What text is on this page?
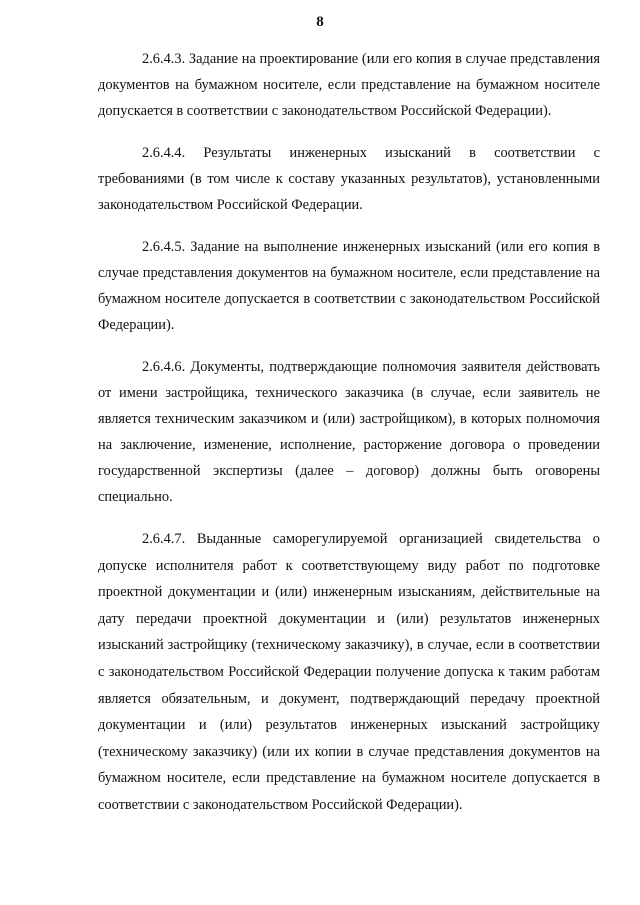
8

2.6.4.3. Задание на проектирование (или его копия в случае представления документов на бумажном носителе, если представление на бумажном носителе допускается в соответствии с законодательством Российской Федерации).

2.6.4.4. Результаты инженерных изысканий в соответствии с требованиями (в том числе к составу указанных результатов), установленными законодательством Российской Федерации.

2.6.4.5. Задание на выполнение инженерных изысканий (или его копия в случае представления документов на бумажном носителе, если представление на бумажном носителе допускается в соответствии с законодательством Российской Федерации).

2.6.4.6. Документы, подтверждающие полномочия заявителя действовать от имени застройщика, технического заказчика (в случае, если заявитель не является техническим заказчиком и (или) застройщиком), в которых полномочия на заключение, изменение, исполнение, расторжение договора о проведении государственной экспертизы (далее – договор) должны быть оговорены специально.

2.6.4.7. Выданные саморегулируемой организацией свидетельства о допуске исполнителя работ к соответствующему виду работ по подготовке проектной документации и (или) инженерным изысканиям, действительные на дату передачи проектной документации и (или) результатов инженерных изысканий застройщику (техническому заказчику), в случае, если в соответствии с законодательством Российской Федерации получение допуска к таким работам является обязательным, и документ, подтверждающий передачу проектной документации и (или) результатов инженерных изысканий застройщику (техническому заказчику) (или их копии в случае представления документов на бумажном носителе, если представление на бумажном носителе допускается в соответствии с законодательством Российской Федерации).
